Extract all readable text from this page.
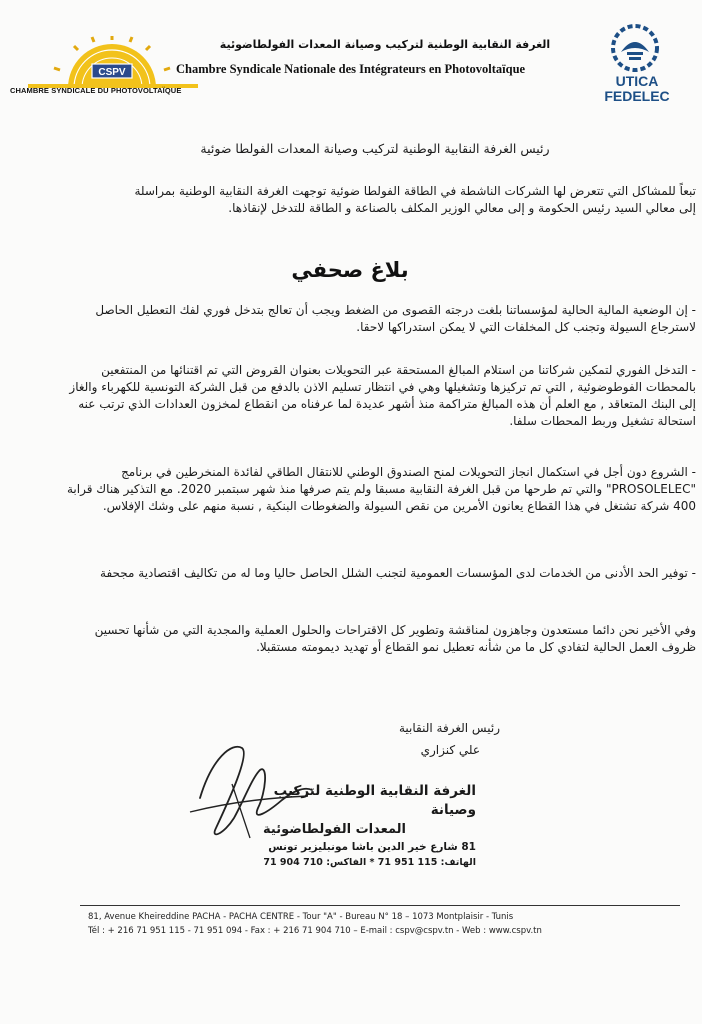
CSPV
CHAMBRE SYNDICALE DU PHOTOVOLTAÏQUE
الغرفة النقابية الوطنية لتركيب وصيانة المعدات الفولطاضوئية
Chambre Syndicale Nationale des Intégrateurs en Photovoltaïque
UTICA
FEDELEC
رئيس الغرفة النقابية الوطنية لتركيب وصيانة المعدات الفولطا ضوئية
تبعاً للمشاكل التي تتعرض لها الشركات الناشطة في الطاقة الفولطا ضوئية توجهت الغرفة النقابية الوطنية بمراسلة إلى معالي السيد رئيس الحكومة و إلى معالي الوزير المكلف بالصناعة و الطاقة للتدخل لإنقاذها.
بلاغ صحفي
- إن الوضعية المالية الحالية لمؤسساتنا بلغت درجته القصوى من الضغط ويجب أن تعالج بتدخل فوري لفك التعطيل الحاصل لاسترجاع السيولة وتجنب كل المخلفات التي لا يمكن استدراكها لاحقا.
- التدخل الفوري لتمكين شركاتنا من استلام المبالغ المستحقة عبر التحويلات بعنوان القروض التي تم اقتنائها من المنتفعين بالمحطات الفوطوضوئية , التي تم تركيزها وتشغيلها وهي في انتظار تسليم الاذن بالدفع من قبل الشركة التونسية للكهرباء والغاز إلى البنك المتعاقد , مع العلم أن هذه المبالغ متراكمة منذ أشهر عديدة لما عرفناه من انقطاع لمخزون العدادات الذي ترتب عنه استحالة تشغيل وربط المحطات سلفا.
- الشروع دون أجل في استكمال انجاز التحويلات لمنح الصندوق الوطني للانتقال الطاقي لفائدة المنخرطين في برنامج "PROSOLELEC" والتي تم طرحها من قبل الغرفة النقابية مسبقا ولم يتم صرفها منذ شهر سبتمبر 2020. مع التذكير هناك قرابة 400 شركة تشتغل في هذا القطاع يعانون الأمرين من نقص السيولة والضغوطات البنكية , نسبة منهم على وشك الإفلاس.
- توفير الحد الأدنى من الخدمات لدى المؤسسات العمومية لتجنب الشلل الحاصل حاليا وما له من تكاليف اقتصادية مجحفة
وفي الأخير نحن دائما مستعدون وجاهزون لمناقشة وتطوير كل الاقتراحات والحلول العملية والمجدية التي من شأنها تحسين ظروف العمل الحالية لتفادي كل ما من شأنه تعطيل نمو القطاع أو تهديد ديمومته مستقبلا.
رئيس الغرفة النقابية
علي كنزاري
الغرفة النقابية الوطنية لتركيب وصيانة
المعدات الفولطاضوئية
81 شارع خير الدين باشا مونبليزير تونس
الهاتف: 115 951 71 * الفاكس: 710 904 71
81, Avenue Kheireddine PACHA - PACHA CENTRE - Tour "A" - Bureau N° 18 – 1073 Montplaisir - Tunis
Tél : + 216 71 951 115 - 71 951 094 - Fax : + 216 71 904 710 – E-mail : cspv@cspv.tn - Web : www.cspv.tn
